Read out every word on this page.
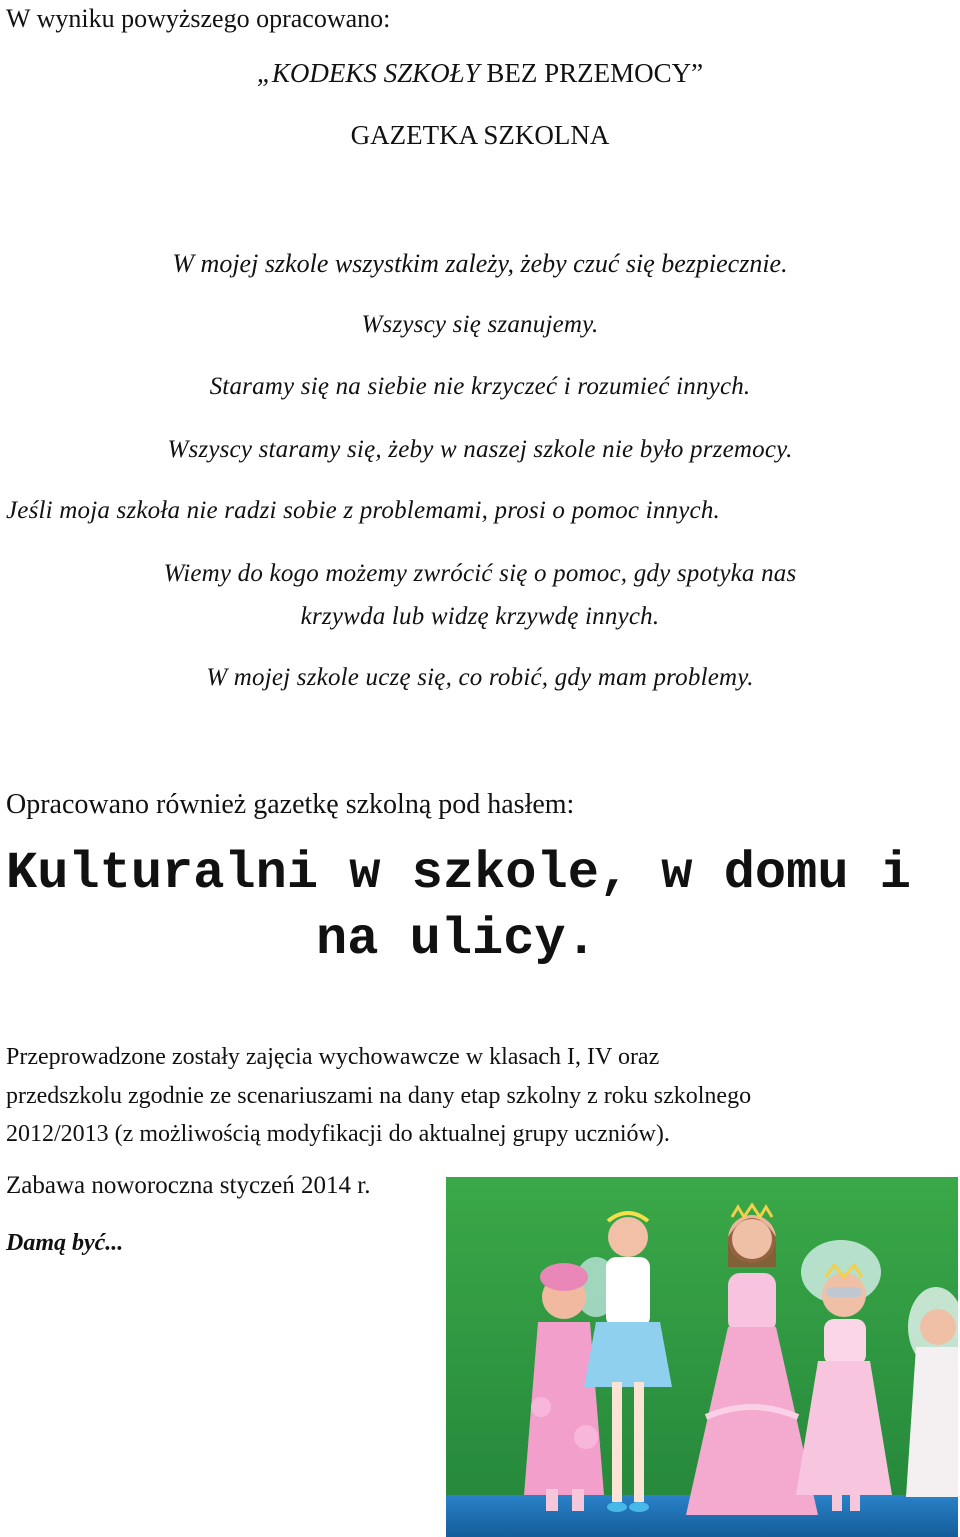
W wyniku powyższego opracowano:
„KODEKS SZKOŁY BEZ PRZEMOCY”
GAZETKA SZKOLNA
W mojej szkole wszystkim zależy, żeby czuć się bezpiecznie.
Wszyscy się szanujemy.
Staramy się na siebie nie krzyczeć i rozumieć innych.
Wszyscy staramy się, żeby w naszej szkole nie było przemocy.
Jeśli moja szkoła nie radzi sobie z problemami, prosi o pomoc innych.
Wiemy do kogo możemy zwrócić się o pomoc, gdy spotyka nas
krzywda lub widzę krzywdę innych.
W mojej szkole uczę się, co robić, gdy mam problemy.
Opracowano również gazetkę szkolną pod hasłem:
Kulturalni w szkole, w domu i
na ulicy.
Przeprowadzone zostały zajęcia wychowawcze w klasach I, IV oraz
przedszkolu zgodnie ze scenariuszami na dany etap szkolny z roku szkolnego
2012/2013 (z możliwością modyfikacji do aktualnej grupy uczniów).
Zabawa noworoczna styczeń 2014 r.
Damą być...
